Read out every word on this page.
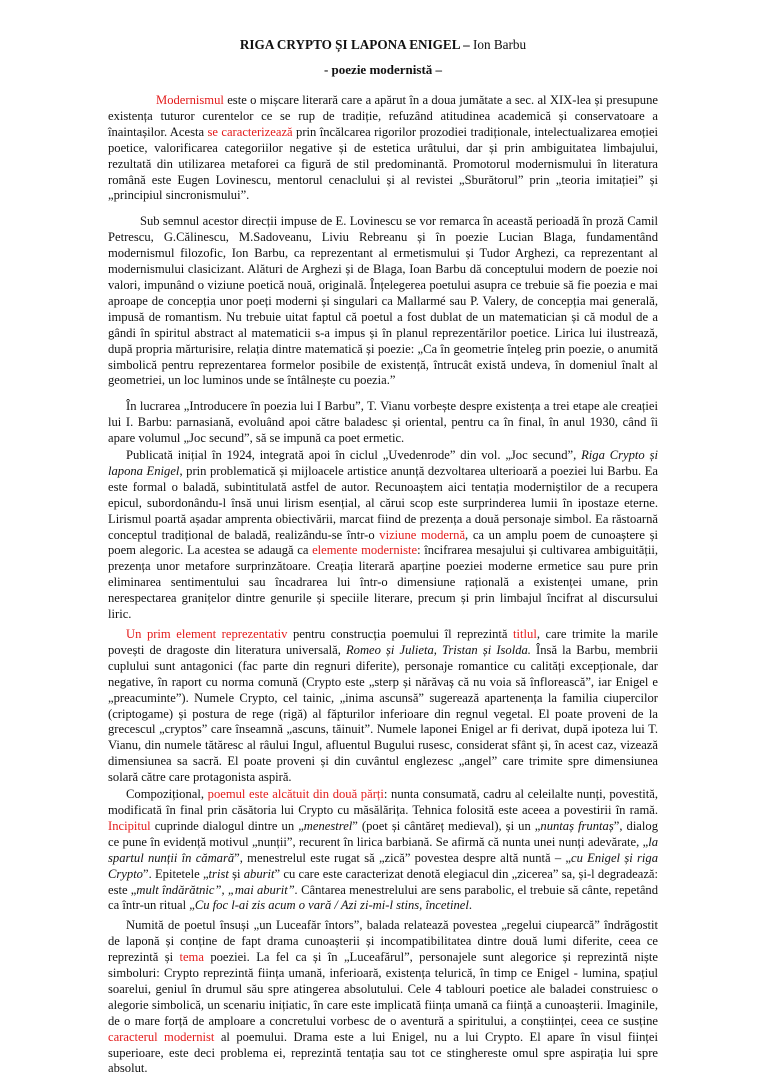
RIGA CRYPTO ȘI LAPONA ENIGEL – Ion Barbu
- poezie modernistă –

Modernismul este o mișcare literară care a apărut în a doua jumătate a sec. al XIX-lea și presupune existența tuturor curentelor ce se rup de tradiție, refuzând atitudinea academică și conservatoare a înaintașilor. Acesta se caracterizează prin încălcarea rigorilor prozodiei tradiționale, intelectualizarea emoției poetice, valorificarea categoriilor negative și de estetica urâtului, dar și prin ambiguitatea limbajului, rezultată din utilizarea metaforei ca figură de stil predominantă. Promotorul modernismului în literatura română este Eugen Lovinescu, mentorul cenaclului și al revistei „Sburătorul” prin „teoria imitației” și „principiul sincronismului”.

Sub semnul acestor direcții impuse de E. Lovinescu se vor remarca în această perioadă în proză Camil Petrescu, G.Călinescu, M.Sadoveanu, Liviu Rebreanu și în poezie Lucian Blaga, fundamentând modernismul filozofic, Ion Barbu, ca reprezentant al ermetismului și Tudor Arghezi, ca reprezentant al modernismului clasicizant. Alături de Arghezi și de Blaga, Ioan Barbu dă conceptului modern de poezie noi valori, impunând o viziune poetică nouă, originală. Înțelegerea poetului asupra ce trebuie să fie poezia e mai aproape de concepția unor poeți moderni și singulari ca Mallarmé sau P. Valery, de concepția mai generală, impusă de romantism. Nu trebuie uitat faptul că poetul a fost dublat de un matematician și că modul de a gândi în spiritul abstract al matematicii s-a impus și în planul reprezentărilor poetice. Lirica lui ilustrează, după propria mărturisire, relația dintre matematică și poezie: „Ca în geometrie înțeleg prin poezie, o anumită simbolică pentru reprezentarea formelor posibile de existență, întrucât există undeva, în domeniul înalt al geometriei, un loc luminos unde se întâlnește cu poezia.”

În lucrarea „Introducere în poezia lui I Barbu”, T. Vianu vorbește despre existența a trei etape ale creației lui I. Barbu: parnasiană, evoluând apoi către baladesc și oriental, pentru ca în final, în anul 1930, când îi apare volumul „Joc secund”, să se impună ca poet ermetic.

Publicată inițial în 1924, integrată apoi în ciclul „Uvedenrode” din vol. „Joc secund”, Riga Crypto și lapona Enigel, prin problematică și mijloacele artistice anunță dezvoltarea ulterioară a poeziei lui Barbu. Ea este formal o baladă, subintitulată astfel de autor. Recunoaștem aici tentația moderniștilor de a recupera epicul, subordonându-l însă unui lirism esențial, al cărui scop este surprinderea lumii în ipostaze eterne. Lirismul poartă așadar amprenta obiectivării, marcat fiind de prezența a două personaje simbol. Ea răstoarnă conceptul tradițional de baladă, realizându-se într-o viziune modernă, ca un amplu poem de cunoaștere și poem alegoric. La acestea se adaugă ca elemente moderniste: încifrarea mesajului și cultivarea ambiguității, prezența unor metafore surprinzătoare. Creația literară aparține poeziei moderne ermetice sau pure prin eliminarea sentimentului sau încadrarea lui într-o dimensiune rațională a existenței umane, prin nerespectarea granițelor dintre genurile și speciile literare, precum și prin limbajul încifrat al discursului liric.

Un prim element reprezentativ pentru construcția poemului îl reprezintă titlul, care trimite la marile povești de dragoste din literatura universală, Romeo și Julieta, Tristan și Isolda. Însă la Barbu, membrii cuplului sunt antagonici (fac parte din regnuri diferite), personaje romantice cu calități excepționale, dar negative, în raport cu norma comună (Crypto este „sterp și nărăvaș că nu voia să înflorească”, iar Enigel e „preacuminte”). Numele Crypto, cel tainic, „inima ascunsă” sugerează apartenența la familia ciupercilor (criptogame) și postura de rege (rigă) al făpturilor inferioare din regnul vegetal. El poate proveni de la grecescul „cryptos” care înseamnă „ascuns, tăinuit”. Numele laponei Enigel ar fi derivat, după ipoteza lui T. Vianu, din numele tătăresc al râului Ingul, afluentul Bugului rusesc, considerat sfânt și, în acest caz, vizează dimensiunea sa sacră. El poate proveni și din cuvântul englezesc „angel” care trimite spre dimensiunea solară către care protagonista aspiră.

Compozițional, poemul este alcătuit din două părți: nunta consumată, cadru al celeilalte nunți, povestită, modificată în final prin căsătoria lui Crypto cu măsălărița. Tehnica folosită este aceea a povestirii în ramă. Incipitul cuprinde dialogul dintre un „menestrel” (poet și cântăreț medieval), și un „nuntaș fruntaș”, dialog ce pune în evidență motivul „nunții”, recurent în lirica barbiană. Se afirmă că nunta unei nunți adevărate, „la spartul nunții în cămară”, menestrelul este rugat să „zică” povestea despre altă nuntă – „cu Enigel și riga Crypto”. Epitetele „trist și aburit” cu care este caracterizat denotă elegiacul din „zicerea” sa, și-l degradează: este „mult îndărătnic”, „mai aburit”. Cântarea menestrelului are sens parabolic, el trebuie să cânte, repetând ca într-un ritual „Cu foc l-ai zis acum o vară / Azi zi-mi-l stins, încetinel.

Numită de poetul însuși „un Luceafăr întors”, balada relatează povestea „regelui ciupearcă” îndrăgostit de laponă și conține de fapt drama cunoașterii și incompatibilitatea dintre două lumi diferite, ceea ce reprezintă și tema poeziei. La fel ca și în „Luceafărul”, personajele sunt alegorice și reprezintă niște simboluri: Crypto reprezintă ființa umană, inferioară, existența telurică, în timp ce Enigel - lumina, spațiul soarelui, geniul în drumul său spre atingerea absolutului. Cele 4 tablouri poetice ale baladei construiesc o alegorie simbolică, un scenariu inițiatic, în care este implicată ființa umană ca ființă a cunoașterii. Imaginile, de o mare forță de amploare a concretului vorbesc de o aventură a spiritului, a conștiinței, ceea ce susține caracterul modernist al poemului. Drama este a lui Enigel, nu a lui Crypto. El apare în visul ființei superioare, este deci problema ei, reprezintă tentația sau tot ce stinghereste omul spre aspirația lui spre absolut.
